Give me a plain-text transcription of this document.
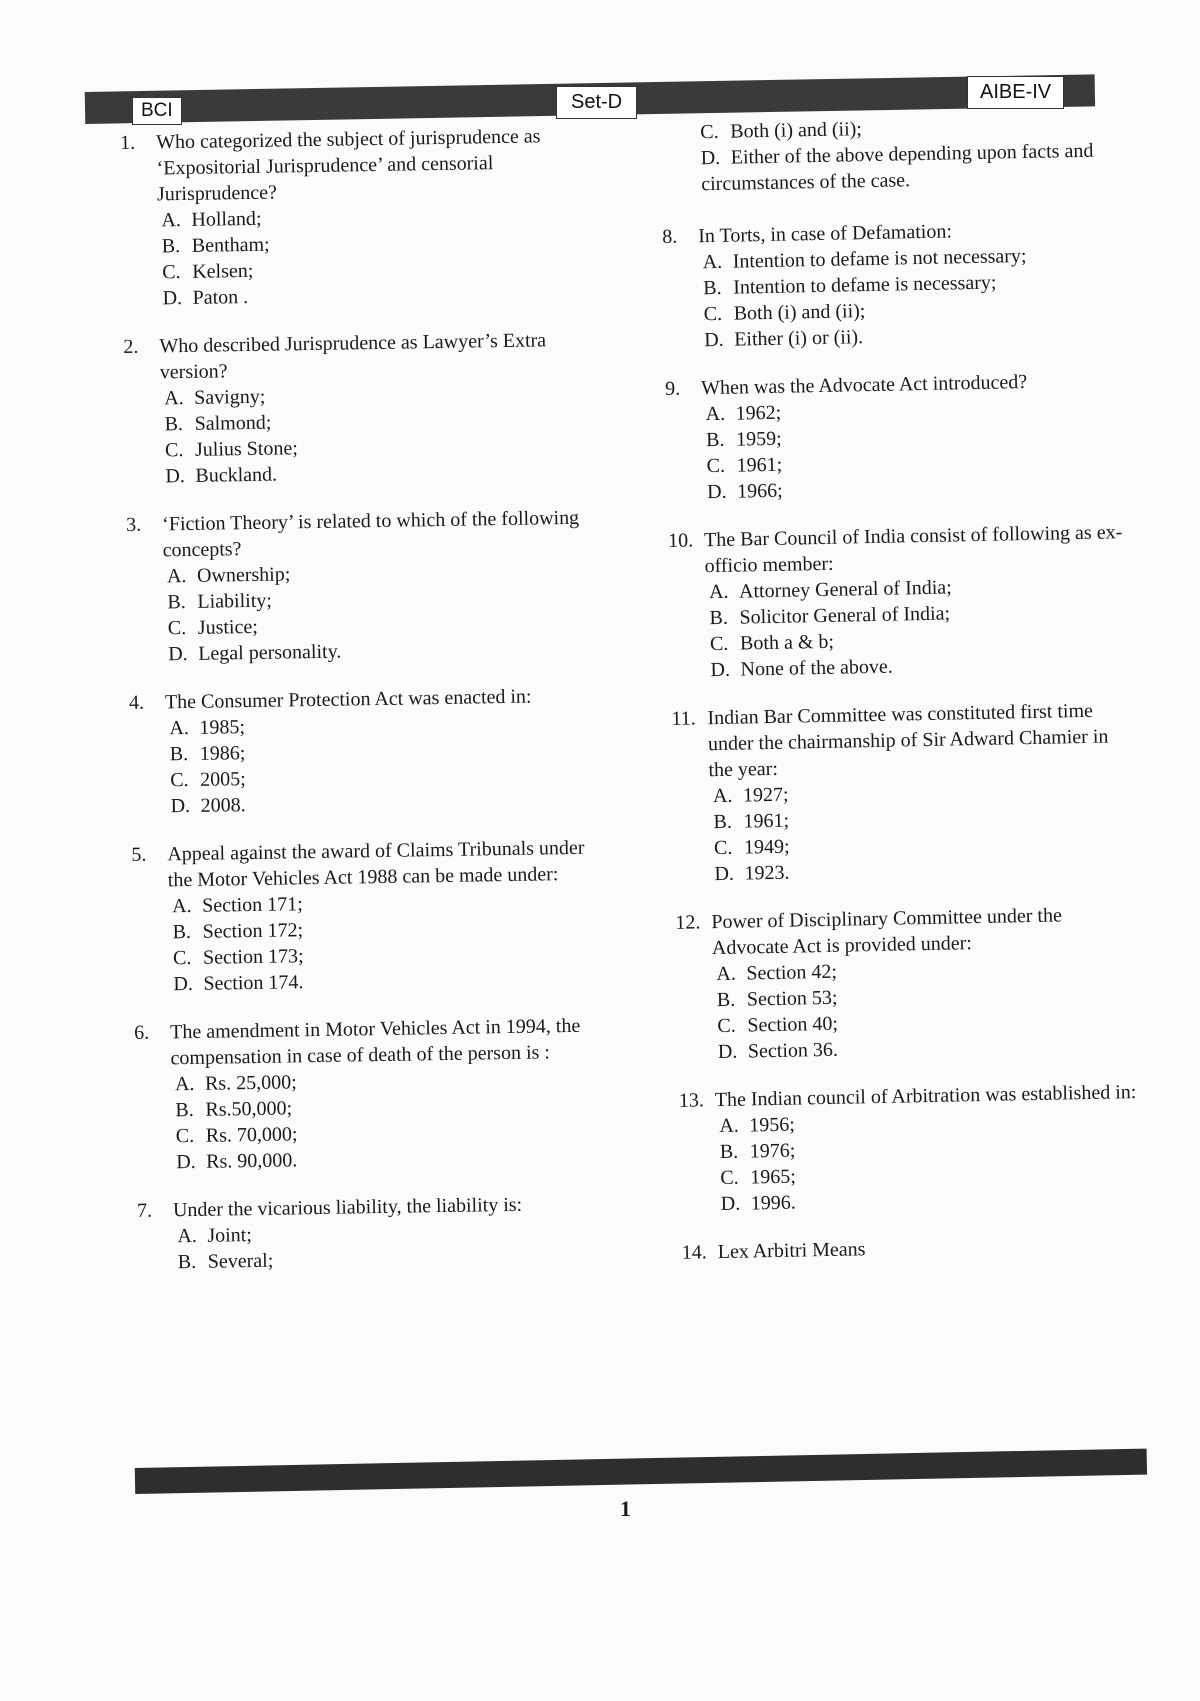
BCI	Set-D	AIBE-IV
1. Who categorized the subject of jurisprudence as ‘Expositorial Jurisprudence’ and censorial Jurisprudence?
A. Holland;
B. Bentham;
C. Kelsen;
D. Paton .
2. Who described Jurisprudence as Lawyer’s Extra version?
A. Savigny;
B. Salmond;
C. Julius Stone;
D. Buckland.
3. ‘Fiction Theory’ is related to which of the following concepts?
A. Ownership;
B. Liability;
C. Justice;
D. Legal personality.
4. The Consumer Protection Act was enacted in:
A. 1985;
B. 1986;
C. 2005;
D. 2008.
5. Appeal against the award of Claims Tribunals under the Motor Vehicles Act 1988 can be made under:
A. Section 171;
B. Section 172;
C. Section 173;
D. Section 174.
6. The amendment in Motor Vehicles Act in 1994, the compensation in case of death of the person is :
A. Rs. 25,000;
B. Rs.50,000;
C. Rs. 70,000;
D. Rs. 90,000.
7. Under the vicarious liability, the liability is:
A. Joint;
B. Several;
C. Both (i) and (ii);
D. Either of the above depending upon facts and circumstances of the case.
8. In Torts, in case of Defamation:
A. Intention to defame is not necessary;
B. Intention to defame is necessary;
C. Both (i) and (ii);
D. Either (i) or (ii).
9. When was the Advocate Act introduced?
A. 1962;
B. 1959;
C. 1961;
D. 1966;
10. The Bar Council of India consist of following as ex-officio member:
A. Attorney General of India;
B. Solicitor General of India;
C. Both a & b;
D. None of the above.
11. Indian Bar Committee was constituted first time under the chairmanship of Sir Adward Chamier in the year:
A. 1927;
B. 1961;
C. 1949;
D. 1923.
12. Power of Disciplinary Committee under the Advocate Act is provided under:
A. Section 42;
B. Section 53;
C. Section 40;
D. Section 36.
13. The Indian council of Arbitration was established in:
A. 1956;
B. 1976;
C. 1965;
D. 1996.
14. Lex Arbitri Means
1
